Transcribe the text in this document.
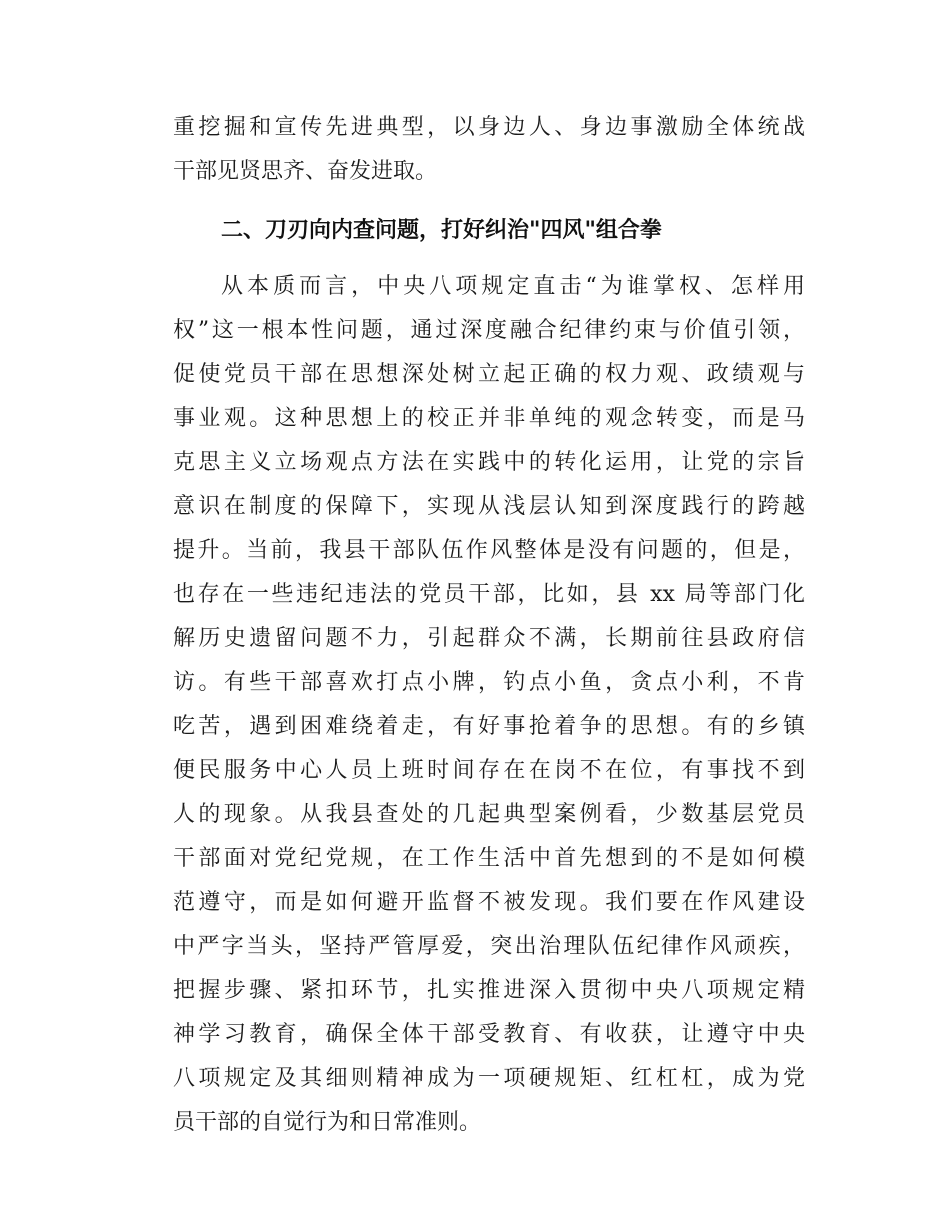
重挖掘和宣传先进典型，以身边人、身边事激励全体统战
干部见贤思齐、奋发进取。
二、刀刃向内查问题，打好纠治"四风"组合拳
从本质而言，中央八项规定直击“为谁掌权、怎样用
权”这一根本性问题，通过深度融合纪律约束与价值引领，
促使党员干部在思想深处树立起正确的权力观、政绩观与
事业观。这种思想上的校正并非单纯的观念转变，而是马
克思主义立场观点方法在实践中的转化运用，让党的宗旨
意识在制度的保障下，实现从浅层认知到深度践行的跨越
提升。当前，我县干部队伍作风整体是没有问题的，但是，
也存在一些违纪违法的党员干部，比如，县 xx 局等部门化
解历史遗留问题不力，引起群众不满，长期前往县政府信
访。有些干部喜欢打点小牌，钓点小鱼，贪点小利，不肯
吃苦，遇到困难绕着走，有好事抢着争的思想。有的乡镇
便民服务中心人员上班时间存在在岗不在位，有事找不到
人的现象。从我县查处的几起典型案例看，少数基层党员
干部面对党纪党规，在工作生活中首先想到的不是如何模
范遵守，而是如何避开监督不被发现。我们要在作风建设
中严字当头，坚持严管厚爱，突出治理队伍纪律作风顽疾，
把握步骤、紧扣环节，扎实推进深入贯彻中央八项规定精
神学习教育，确保全体干部受教育、有收获，让遵守中央
八项规定及其细则精神成为一项硬规矩、红杠杠，成为党
员干部的自觉行为和日常准则。
